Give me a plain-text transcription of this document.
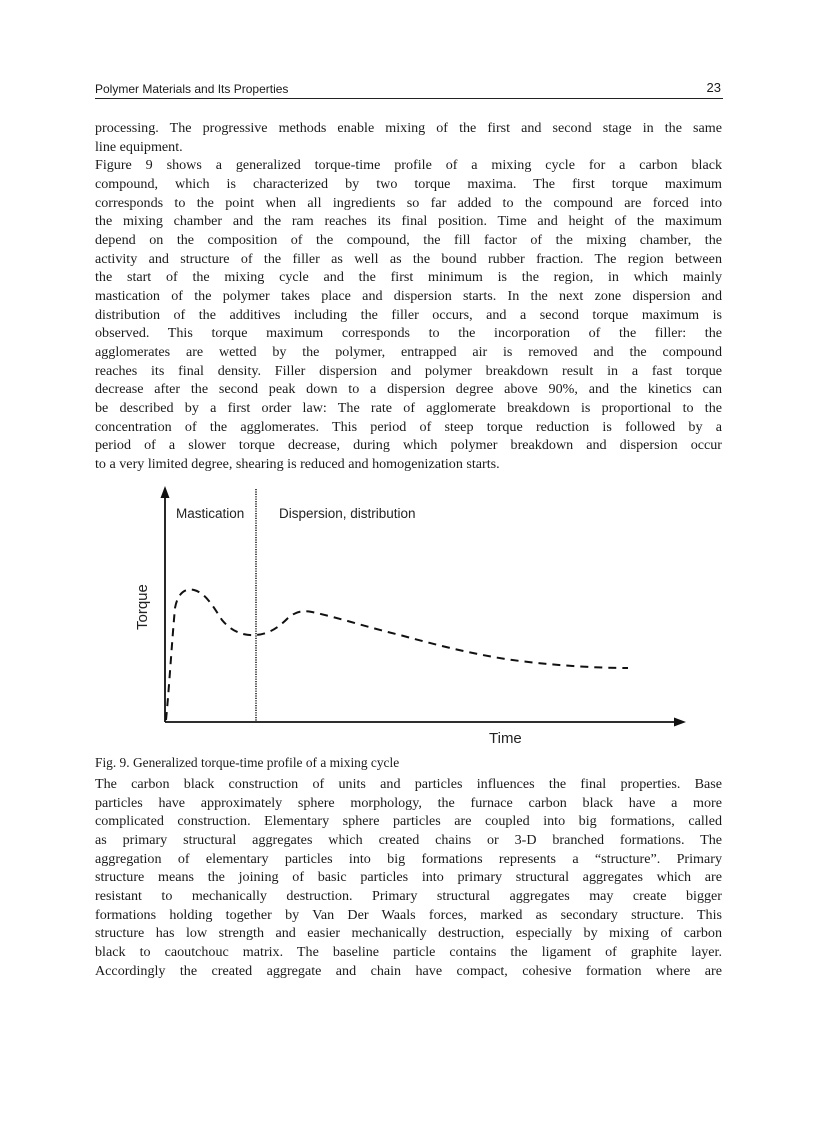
Polymer Materials and Its Properties	23
processing. The progressive methods enable mixing of the first and second stage in the same
line equipment.
Figure 9 shows a generalized torque-time profile of a mixing cycle for a carbon black
compound, which is characterized by two torque maxima. The first torque maximum
corresponds to the point when all ingredients so far added to the compound are forced into
the mixing chamber and the ram reaches its final position. Time and height of the maximum
depend on the composition of the compound, the fill factor of the mixing chamber, the
activity and structure of the filler as well as the bound rubber fraction. The region between
the start of the mixing cycle and the first minimum is the region, in which mainly
mastication of the polymer takes place and dispersion starts. In the next zone dispersion and
distribution of the additives including the filler occurs, and a second torque maximum is
observed. This torque maximum corresponds to the incorporation of the filler: the
agglomerates are wetted by the polymer, entrapped air is removed and the compound
reaches its final density. Filler dispersion and polymer breakdown result in a fast torque
decrease after the second peak down to a dispersion degree above 90%, and the kinetics can
be described by a first order law: The rate of agglomerate breakdown is proportional to the
concentration of the agglomerates. This period of steep torque reduction is followed by a
period of a slower torque decrease, during which polymer breakdown and dispersion occur
to a very limited degree, shearing is reduced and homogenization starts.
Mastication	Dispersion, distribution
Torque
Time
Fig. 9. Generalized torque-time profile of a mixing cycle
The carbon black construction of units and particles influences the final properties. Base
particles have approximately sphere morphology, the furnace carbon black have a more
complicated construction. Elementary sphere particles are coupled into big formations, called
as primary structural aggregates which created chains or 3-D branched formations. The
aggregation of elementary particles into big formations represents a “structure”. Primary
structure means the joining of basic particles into primary structural aggregates which are
resistant to mechanically destruction. Primary structural aggregates may create bigger
formations holding together by Van Der Waals forces, marked as secondary structure. This
structure has low strength and easier mechanically destruction, especially by mixing of carbon
black to caoutchouc matrix. The baseline particle contains the ligament of graphite layer.
Accordingly the created aggregate and chain have compact, cohesive formation where are
